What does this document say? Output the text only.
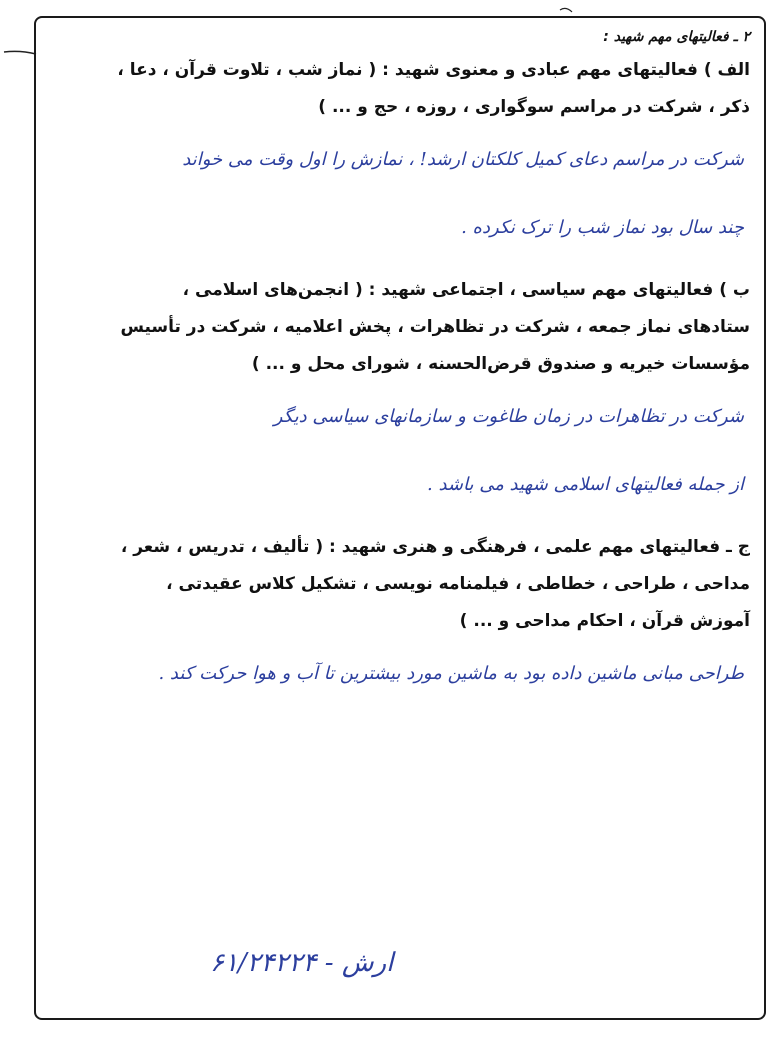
۲ ـ فعالیتهای مهم شهید :

الف ) فعالیتهای مهم عبادی و معنوی شهید : ( نماز شب ، تلاوت قرآن ، دعا ،
ذکر ، شرکت در مراسم سوگواری ، روزه ، حج و ... )

شرکت در مراسم دعای کمیل کلکتان ارشد! ، نمازش را اول وقت می خواند
چند سال بود نماز شب را ترک نکرده .

ب ) فعالیتهای مهم سیاسی ، اجتماعی شهید : ( انجمن‌های اسلامی ،
ستادهای نماز جمعه ، شرکت در تظاهرات ، پخش اعلامیه ، شرکت در تأسیس
مؤسسات خیریه و صندوق قرض‌الحسنه ، شورای محل و ... )

شرکت در تظاهرات در زمان طاغوت و سازمانهای سیاسی دیگر
از جمله فعالیتهای اسلامی شهید می باشد .

ج ـ فعالیتهای مهم علمی ، فرهنگی و هنری شهید : ( تألیف ، تدریس ، شعر ،
مداحی ، طراحی ، خطاطی ، فیلمنامه نویسی ، تشکیل کلاس عقیدتی ،
آموزش قرآن ، احکام مداحی و ... )

طراحی مبانی ماشین داده بود به ماشین مورد بیشترین تا آب و هوا حرکت کند .

ارش - ۶۱/۲۴۲۲۴
